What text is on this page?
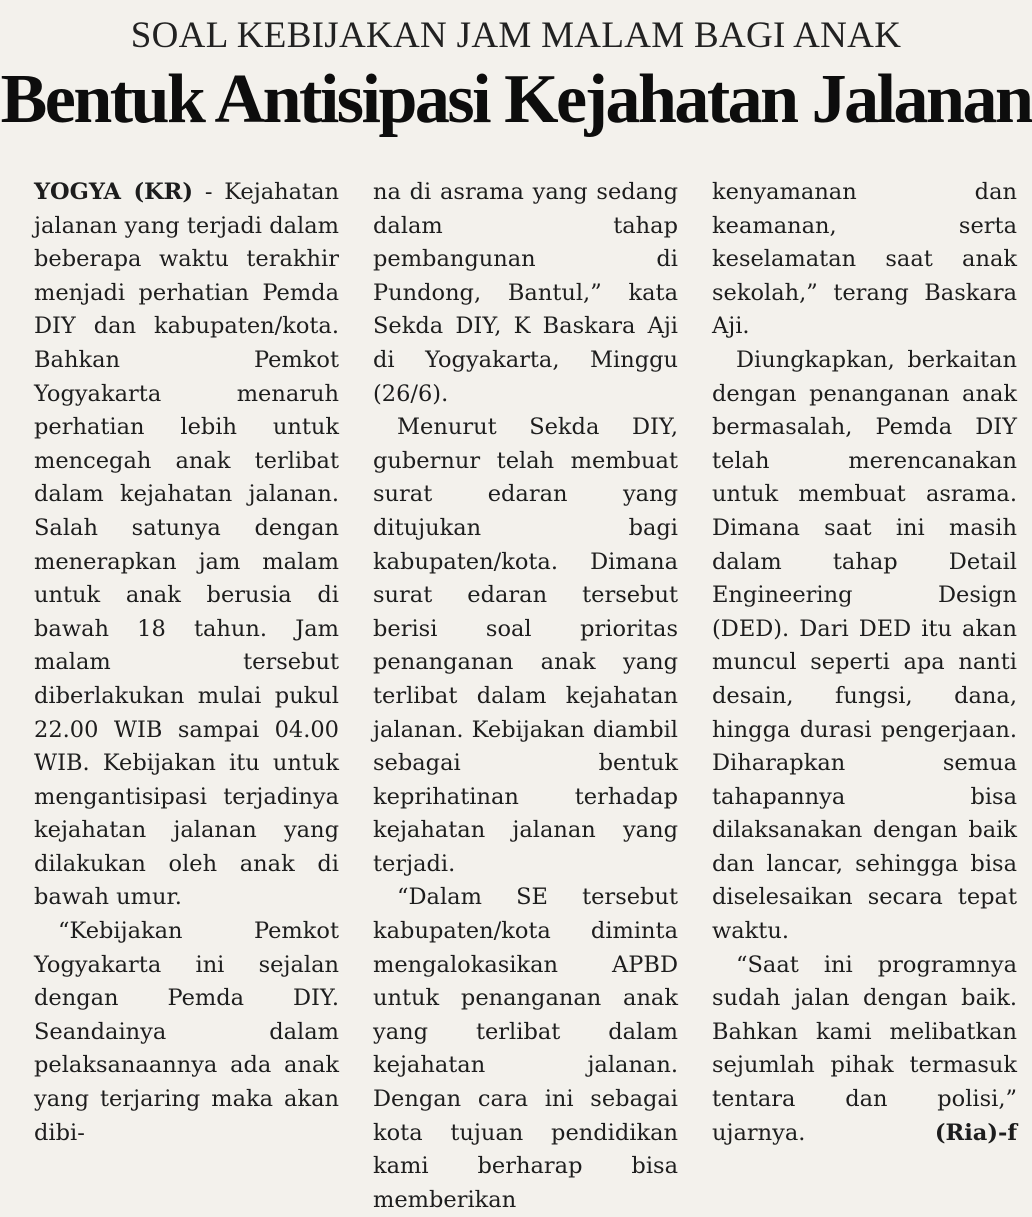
SOAL KEBIJAKAN JAM MALAM BAGI ANAK
Bentuk Antisipasi Kejahatan Jalanan

YOGYA (KR) - Kejahatan jalanan yang terjadi dalam beberapa waktu terakhir menjadi perhatian Pemda DIY dan kabupaten/kota. Bahkan Pemkot Yogyakarta menaruh perhatian lebih untuk mencegah anak terlibat dalam kejahatan jalanan. Salah satunya dengan menerapkan jam malam untuk anak berusia di bawah 18 tahun. Jam malam tersebut diberlakukan mulai pukul 22.00 WIB sampai 04.00 WIB. Kebijakan itu untuk mengantisipasi terjadinya kejahatan jalanan yang dilakukan oleh anak di bawah umur.

“Kebijakan Pemkot Yogyakarta ini sejalan dengan Pemda DIY. Seandainya dalam pelaksanaannya ada anak yang terjaring maka akan dibi-

na di asrama yang sedang dalam tahap pembangunan di Pundong, Bantul,” kata Sekda DIY, K Baskara Aji di Yogyakarta, Minggu (26/6).

Menurut Sekda DIY, gubernur telah membuat surat edaran yang ditujukan bagi kabupaten/kota. Dimana surat edaran tersebut berisi soal prioritas penanganan anak yang terlibat dalam kejahatan jalanan. Kebijakan diambil sebagai bentuk keprihatinan terhadap kejahatan jalanan yang terjadi.

“Dalam SE tersebut kabupaten/kota diminta mengalokasikan APBD untuk penanganan anak yang terlibat dalam kejahatan jalanan. Dengan cara ini sebagai kota tujuan pendidikan kami berharap bisa memberikan

kenyamanan dan keamanan, serta keselamatan saat anak sekolah,” terang Baskara Aji.

Diungkapkan, berkaitan dengan penanganan anak bermasalah, Pemda DIY telah merencanakan untuk membuat asrama. Dimana saat ini masih dalam tahap Detail Engineering Design (DED). Dari DED itu akan muncul seperti apa nanti desain, fungsi, dana, hingga durasi pengerjaan. Diharapkan semua tahapannya bisa dilaksanakan dengan baik dan lancar, sehingga bisa diselesaikan secara tepat waktu.

“Saat ini programnya sudah jalan dengan baik. Bahkan kami melibatkan sejumlah pihak termasuk tentara dan polisi,” ujarnya.	(Ria)-f
